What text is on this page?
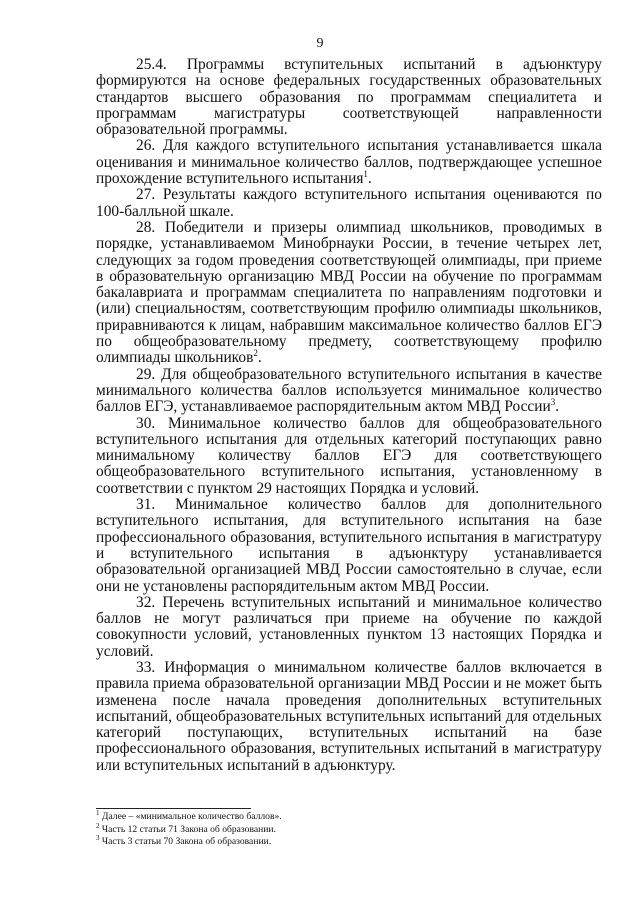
9

25.4. Программы вступительных испытаний в адъюнктуру формируются на основе федеральных государственных образовательных стандартов высшего образования по программам специалитета и программам магистратуры соответствующей направленности образовательной программы.

26. Для каждого вступительного испытания устанавливается шкала оценивания и минимальное количество баллов, подтверждающее успешное прохождение вступительного испытания$^1$.

27. Результаты каждого вступительного испытания оцениваются по 100-балльной шкале.

28. Победители и призеры олимпиад школьников, проводимых в порядке, устанавливаемом Минобрнауки России, в течение четырех лет, следующих за годом проведения соответствующей олимпиады, при приеме в образовательную организацию МВД России на обучение по программам бакалавриата и программам специалитета по направлениям подготовки и (или) специальностям, соответствующим профилю олимпиады школьников, приравниваются к лицам, набравшим максимальное количество баллов ЕГЭ по общеобразовательному предмету, соответствующему профилю олимпиады школьников$^2$.

29. Для общеобразовательного вступительного испытания в качестве минимального количества баллов используется минимальное количество баллов ЕГЭ, устанавливаемое распорядительным актом МВД России$^3$.

30. Минимальное количество баллов для общеобразовательного вступительного испытания для отдельных категорий поступающих равно минимальному количеству баллов ЕГЭ для соответствующего общеобразовательного вступительного испытания, установленному в соответствии с пунктом 29 настоящих Порядка и условий.

31. Минимальное количество баллов для дополнительного вступительного испытания, для вступительного испытания на базе профессионального образования, вступительного испытания в магистратуру и вступительного испытания в адъюнктуру устанавливается образовательной организацией МВД России самостоятельно в случае, если они не установлены распорядительным актом МВД России.

32. Перечень вступительных испытаний и минимальное количество баллов не могут различаться при приеме на обучение по каждой совокупности условий, установленных пунктом 13 настоящих Порядка и условий.

33. Информация о минимальном количестве баллов включается в правила приема образовательной организации МВД России и не может быть изменена после начала проведения дополнительных вступительных испытаний, общеобразовательных вступительных испытаний для отдельных категорий поступающих, вступительных испытаний на базе профессионального образования, вступительных испытаний в магистратуру или вступительных испытаний в адъюнктуру.

$^1$ Далее – «минимальное количество баллов».

$^2$ Часть 12 статьи 71 Закона об образовании.

$^3$ Часть 3 статьи 70 Закона об образовании.
